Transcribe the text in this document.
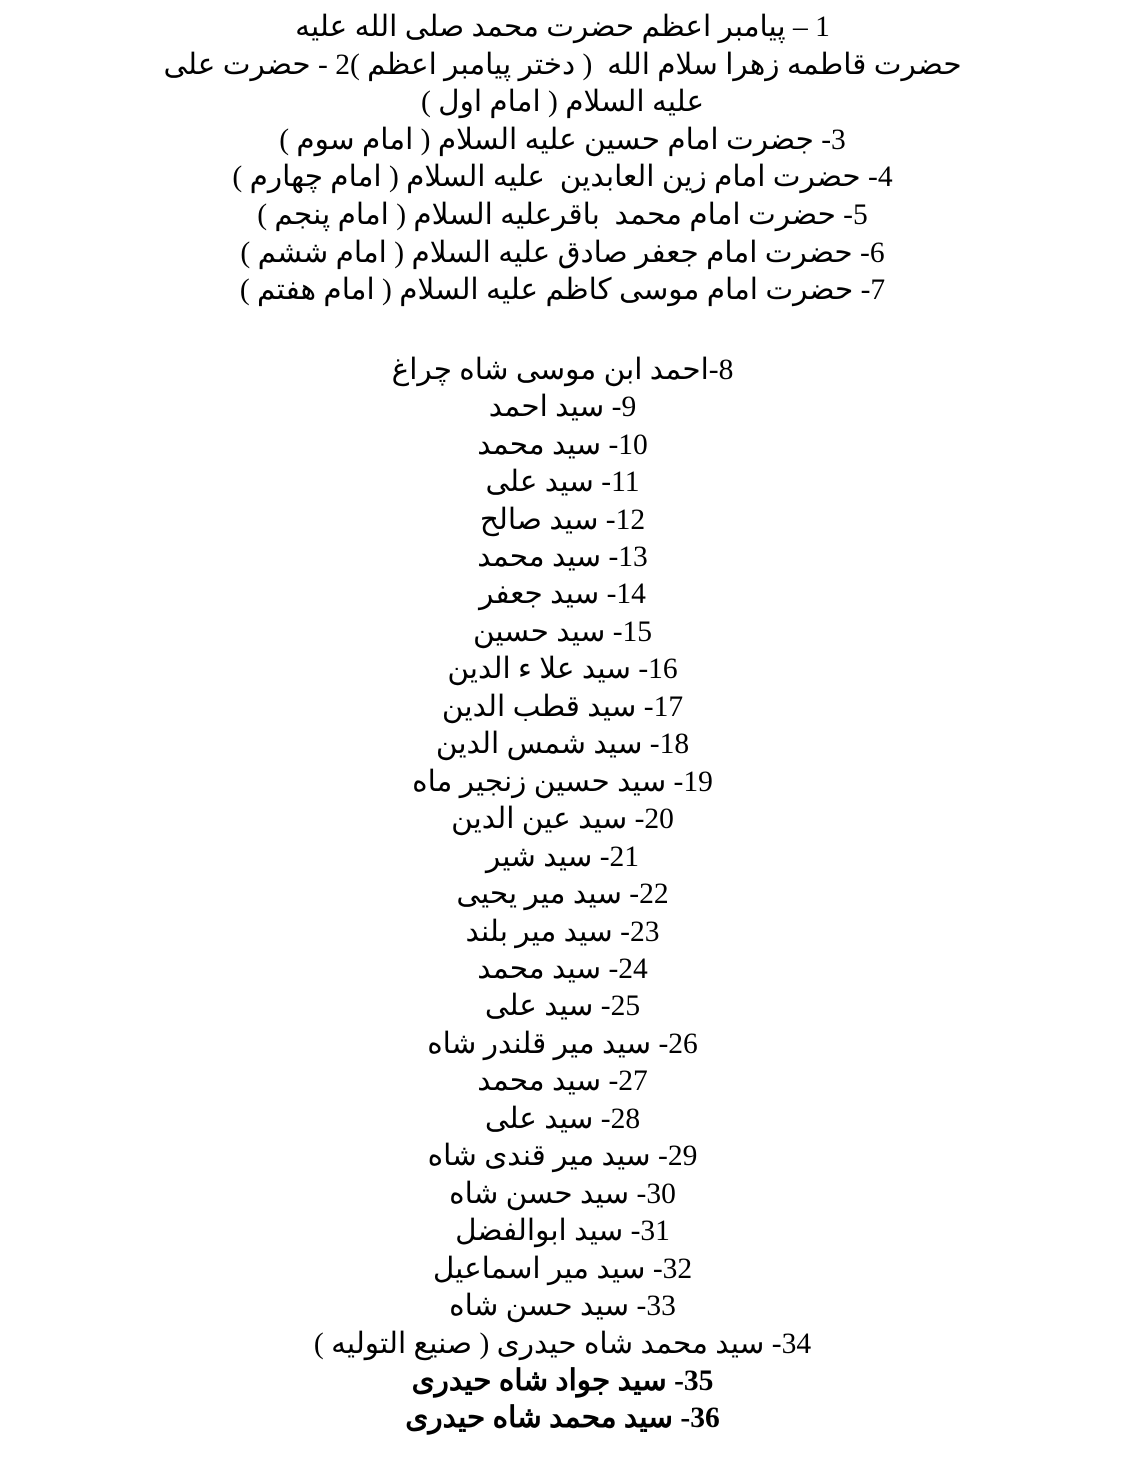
1 – پیامبر اعظم حضرت محمد صلى الله علیه
حضرت قاطمه زهرا سلام الله  ( دختر پیامبر اعظم )2 - حضرت على
علیه السلام ( امام اول )
3- جضرت امام حسین علیه السلام ( امام سوم )
4- حضرت امام زین العابدین  علیه السلام ( امام چهارم )
5- حضرت امام محمد  باقرعلیه السلام ( امام پنجم )
6- حضرت امام جعفر صادق علیه السلام ( امام ششم )
7- حضرت امام موسى كاظم علیه السلام ( امام هفتم )
8-احمد ابن موسى شاه چراغ
9- سید احمد
10- سید محمد
11- سید على
12- سید صالح
13- سید محمد
14- سید جعفر
15- سید حسین
16- سید علا ء الدین
17- سید قطب الدین
18- سید شمس الدین
19- سید حسین زنجیر ماه
20- سید عین الدین
21- سید شیر
22- سید میر یحیى
23- سید میر بلند
24- سید محمد
25- سید على
26- سید میر قلندر شاه
27- سید محمد
28- سید على
29- سید میر قندى شاه
30- سید حسن شاه
31- سید ابوالفضل
32- سید میر اسماعیل
33- سید حسن شاه
34- سید محمد شاه حیدرى ( صنیع التولیه )
35- سید جواد شاه حیدرى
36- سید محمد شاه حیدرى
